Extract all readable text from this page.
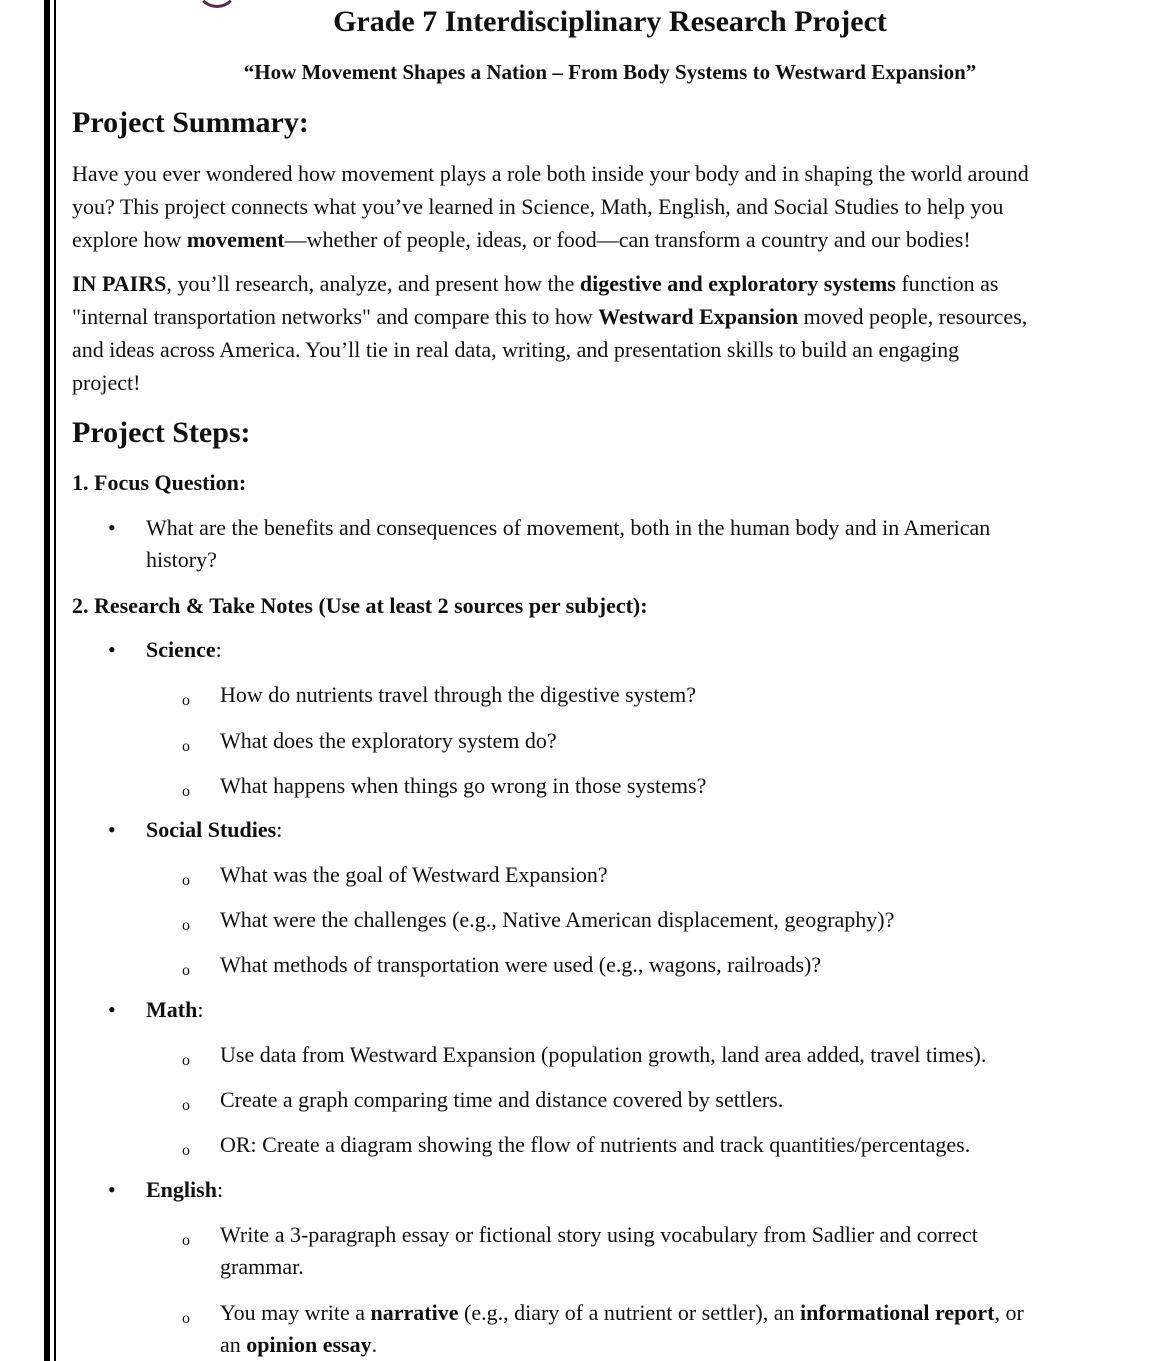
Grade 7 Interdisciplinary Research Project
“How Movement Shapes a Nation – From Body Systems to Westward Expansion”
Project Summary:
Have you ever wondered how movement plays a role both inside your body and in shaping the world around
you? This project connects what you’ve learned in Science, Math, English, and Social Studies to help you
explore how movement—whether of people, ideas, or food—can transform a country and our bodies!
IN PAIRS, you’ll research, analyze, and present how the digestive and exploratory systems function as
"internal transportation networks" and compare this to how Westward Expansion moved people, resources,
and ideas across America. You’ll tie in real data, writing, and presentation skills to build an engaging
project!
Project Steps:
1. Focus Question:
•	What are the benefits and consequences of movement, both in the human body and in American
history?
2. Research & Take Notes (Use at least 2 sources per subject):
•	Science:
o How do nutrients travel through the digestive system?
o What does the exploratory system do?
o What happens when things go wrong in those systems?
•	Social Studies:
o What was the goal of Westward Expansion?
o What were the challenges (e.g., Native American displacement, geography)?
o What methods of transportation were used (e.g., wagons, railroads)?
•	Math:
o Use data from Westward Expansion (population growth, land area added, travel times).
o Create a graph comparing time and distance covered by settlers.
o OR: Create a diagram showing the flow of nutrients and track quantities/percentages.
•	English:
o Write a 3-paragraph essay or fictional story using vocabulary from Sadlier and correct
grammar.
o You may write a narrative (e.g., diary of a nutrient or settler), an informational report, or
an opinion essay.
